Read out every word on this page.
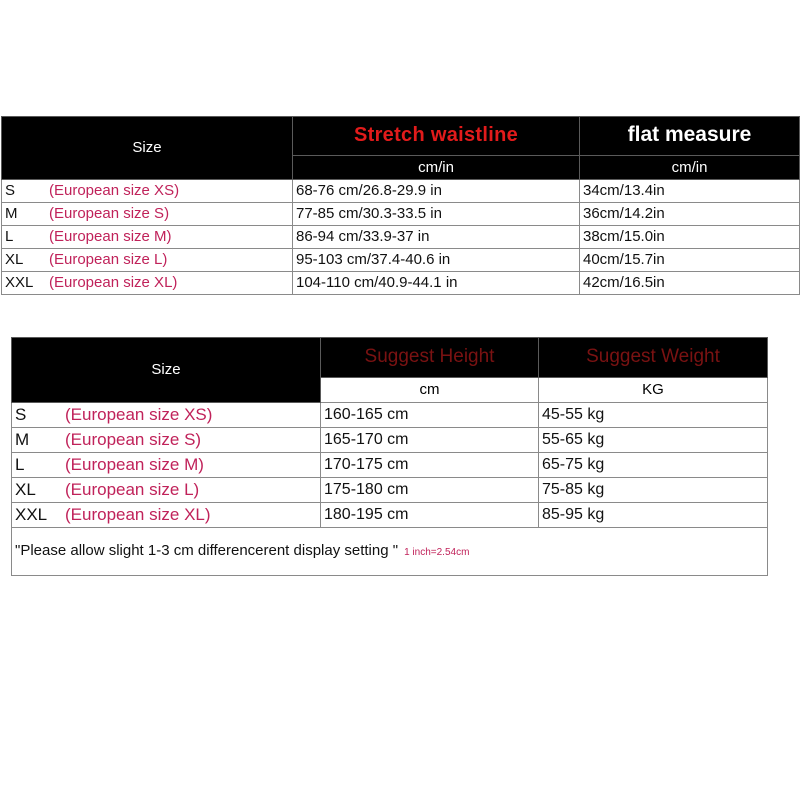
Size	Stretch waistline	flat measure
	cm/in	cm/in
S (European size XS)	68-76 cm/26.8-29.9 in	34cm/13.4in
M (European size S)	77-85 cm/30.3-33.5 in	36cm/14.2in
L (European size M)	86-94 cm/33.9-37 in	38cm/15.0in
XL (European size L)	95-103 cm/37.4-40.6 in	40cm/15.7in
XXL (European size XL)	104-110 cm/40.9-44.1 in	42cm/16.5in
Size	Suggest Height	Suggest Weight
	cm	KG
S (European size XS)	160-165 cm	45-55 kg
M (European size S)	165-170 cm	55-65 kg
L (European size M)	170-175 cm	65-75 kg
XL (European size L)	175-180 cm	75-85 kg
XXL (European size XL)	180-195 cm	85-95 kg
"Please allow slight 1-3 cm differencerent display setting " 1 inch=2.54cm		
